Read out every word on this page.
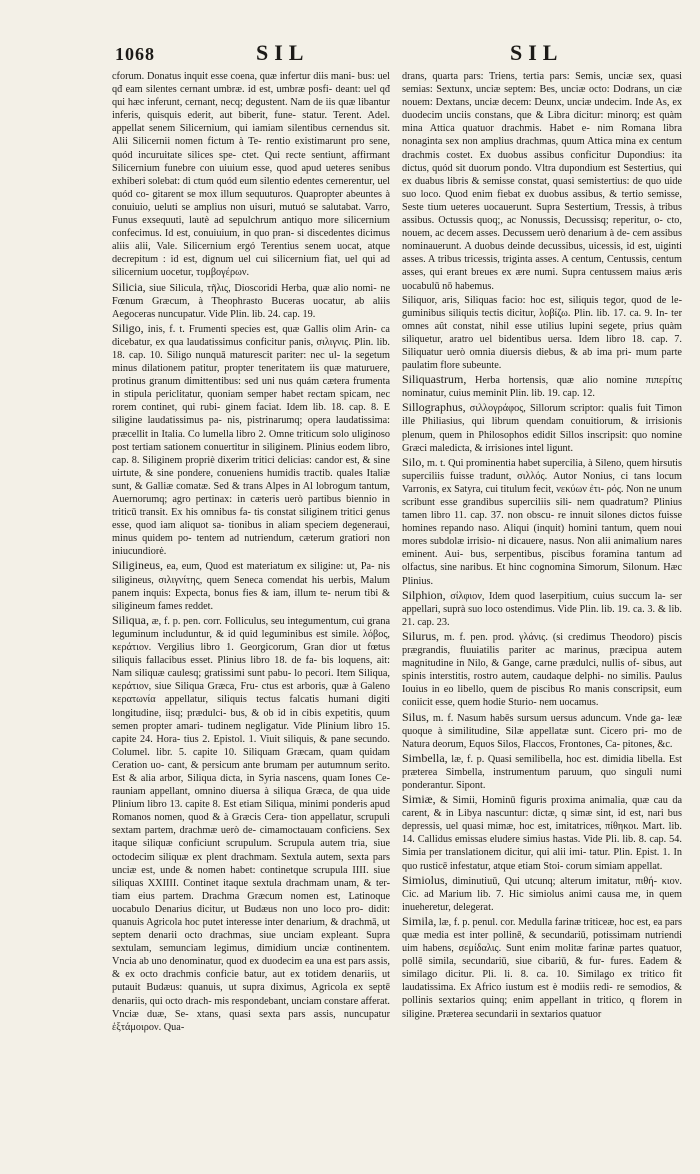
1068	SIL	SIL

cforum. Donatus inquit esse coena, quæ infertur diis mani- bus: uel qđ eam silentes cernant umbræ. id est, umbræ posfi- deant: uel qđ qui hæc inferunt, cernant, necq; degustent. Nam de iis quæ libantur inferis, quisquis ederit, aut biberit, fune- statur. Terent. Adel. appellat senem Silicernium, qui iamiam silentibus cernendus sit. Alii Silicernii nomen fictum à Te- rentio existimarunt pro sene, quód incuruitate silices spe- ctet. Qui recte sentiunt, affirmant Silicernium funebre con uiuium esse, quod apud ueteres senibus exhiberi solebat: di ctum quód eum silentio edentes cernerentur, uel quód co- gitarent se mox illum sequuturos. Quapropter abeuntes à conuiuio, ueluti se amplius non uisuri, mutuó se salutabat. Varro, Funus exsequuti, lautè ad sepulchrum antiquo more silicernium confecimus. Id est, conuiuium, in quo pran- si discedentes dicimus aliis alii, Vale. Silicernium ergó Terentius senem uocat, atque decrepitum : id est, dignum uel cui silicernium fiat, uel qui ad silicernium uocetur, τυμβογέρων.

Silicia, siue Silicula, τῆλις, Dioscoridi Herba, quæ alio nomi- ne Fœnum Græcum, à Theophrasto Buceras uocatur, ab aliis Aegoceras nuncupatur. Vide Plin. lib. 24. cap. 19.

Siligo, inis, f. t. Frumenti species est, quæ Gallis olim Arin- ca dicebatur, ex qua laudatissimus conficitur panis, σιλιγνις. Plin. lib. 18. cap. 10. Siligo nunquā maturescit pariter: nec ul- la segetum minus dilationem patitur, propter teneritatem iis quæ maturuere, protinus granum dimittentibus: sed uni nus quám cætera frumenta in stipula periclitatur, quoniam semper habet rectam spicam, nec rorem continet, qui rubi- ginem faciat. Idem lib. 18. cap. 8. E siligine laudatissimus pa- nis, pistrinarumq; opera laudatissima: præcellit in Italia. Co lumella libro 2. Omne triticum solo uliginoso post tertiam sationem conuertitur in siliginem. Plinius eodem libro, cap. 8. Siliginem propriè dixerim tritici delicias: candor est, & sine uirtute, & sine pondere, conueniens humidis tractib. quales Italiæ sunt, & Galliæ comatæ. Sed & trans Alpes in Al lobrogum tantum, Auernorumq; agro pertinax: in cæteris uerò partibus biennio in triticū transit. Ex his omnibus fa- tis constat siliginem tritici genus esse, quod iam aliquot sa- tionibus in aliam speciem degeneraui, minus quidem po- tentem ad nutriendum, cæterum gratiori non iniucundiorė.

Siligineus, ea, eum, Quod est materiatum ex siligine: ut, Pa- nis siligineus, σιλιγνίτης, quem Seneca comendat his uerbis, Malum panem inquis: Expecta, bonus fies & iam, illum te- nerum tibi & siligineum fames reddet.

Siliqua, æ, f. p. pen. corr. Folliculus, seu integumentum, cui grana leguminum includuntur, & id quid leguminibus est simile. λόβος, κεράτιον. Vergilius libro 1. Georgicorum, Gran dior ut fœtus siliquis fallacibus esset. Plinius libro 18. de fa- bis loquens, ait: Nam siliquæ caulesq; gratissimi sunt pabu- lo pecori. Item Siliqua, κεράτιον, siue Siliqua Græca, Fru- ctus est arboris, quæ à Galeno κερατωνία appellatur, siliquis tectus falcatis humani digiti longitudine, iisq; prædulci- bus, & ob id in cibis expetitis, quum semen propter amari- tudinem negligatur. Vide Plinium libro 15. capite 24. Hora- tius 2. Epistol. 1. Viuit siliquis, & pane secundo. Columel. libr. 5. capite 10. Siliquam Græcam, quam quidam Ceration uo- cant, & persicum ante brumam per autumnum serito. Est & alia arbor, Siliqua dicta, in Syria nascens, quam Iones Ce- rauniam appellant, omnino diuersa à siliqua Græca, de qua uide Plinium libro 13. capite 8. Est etiam Siliqua, minimi ponderis apud Romanos nomen, quod & à Græcis Cera- tion appellatur, scrupuli sextam partem, drachmæ uerò de- cimamoctauam conficiens. Sex itaque siliquæ conficiunt scrupulum. Scrupula autem tria, siue octodecim siliquæ ex plent drachmam. Sextula autem, sexta pars unciæ est, unde & nomen habet: continetque scrupula IIII. siue siliquas XXIIII. Continet itaque sextula drachmam unam, & ter- tiam eius partem. Drachma Græcum nomen est, Latinoque uocabulo Denarius dicitur, ut Budæus non uno loco pro- didit: quanuis Agricola hoc putet interesse inter denarium, & drachmā, ut septem denarii octo drachmas, siue unciam expleant. Supra sextulam, semunciam legimus, dimidium unciæ continentem. Vncia ab uno denominatur, quod ex duodecim ea una est pars assis, & ex octo drachmis conficie batur, aut ex totidem denariis, ut putauit Budæus: quanuis, ut supra diximus, Agricola ex septē denariis, qui octo drach- mis respondebant, unciam constare afferat. Vnciæ duæ, Se- xtans, quasi sexta pars assis, nuncupatur ἑξτάμοιρον. Qua-

drans, quarta pars: Triens, tertia pars: Semis, unciæ sex, quasi semias: Sextunx, unciæ septem: Bes, unciæ octo: Dodrans, un ciæ nouem: Dextans, unciæ decem: Deunx, unciæ undecim. Inde As, ex duodecim unciis constans, que & Libra dicitur: minorq; est quàm mina Attica quatuor drachmis. Habet e- nim Romana libra nonaginta sex non amplius drachmas, quum Attica mina ex centum drachmis costet. Ex duobus assibus conficitur Dupondius: ita dictus, quód sit duorum pondo. Vltra dupondium est Sestertius, qui ex duabus libris & semisse constat, quasi semistertius: de quo uide suo loco. Quod enim fiebat ex duobus assibus, & tertio semisse, Seste tium ueteres uocauerunt. Supra Sestertium, Tressis, à tribus assibus. Octussis quoq;, ac Nonussis, Decussisq; reperitur, o- cto, nouem, ac decem asses. Decussem uerò denarium à de- cem assibus nominauerunt. A duobus deinde decussibus, uicessis, id est, uiginti asses. A tribus tricessis, triginta asses. A centum, Centussis, centum asses, qui erant breues ex ære numi. Supra centussem maius æris uocabulū nō habemus.

Siliquor, aris, Siliquas facio: hoc est, siliquis tegor, quod de le- guminibus siliquis tectis dicitur, λοβίζω. Plin. lib. 17. ca. 9. In- ter omnes aût constat, nihil esse utilius lupini segete, prius quàm siliquetur, aratro uel bidentibus uersa. Idem libro 18. cap. 7. Siliquatur uerò omnia diuersis diebus, & ab ima pri- mum parte paulatim flore subeunte.

Siliquastrum, Herba hortensis, quæ alio nomine πιπερίτις nominatur, cuius meminit Plin. lib. 19. cap. 12.

Sillographus, σιλλογράφος, Sillorum scriptor: qualis fuit Timon ille Philiasius, qui librum quendam conuitiorum, & irrisionis plenum, quem in Philosophos edidit Sillos inscripsit: quo nomine Græci maledicta, & irrisiones intel ligunt.

Silo, m. t. Qui prominentia habet supercilia, à Sileno, quem hirsutis superciliis fuisse tradunt, σιλλός. Autor Nonius, ci tans locum Varronis, ex Satyra, cui titulum fecit, νεκύων ἐτι- ρός. Non ne unum scribunt esse grandibus superciliis sili- nem quadratum? Plinius tamen libro 11. cap. 37. non obscu- re innuit silones dictos fuisse homines repando naso. Aliqui (inquit) homini tantum, quem noui mores subdolæ irrisio- ni dicauere, nasus. Non alii animalium nares eminent. Aui- bus, serpentibus, piscibus foramina tantum ad olfactus, sine naribus. Et hinc cognomina Simorum, Silonum. Hæc Plinius.

Silphion, σίλφιον, Idem quod laserpitium, cuius succum la- ser appellari, suprà suo loco ostendimus. Vide Plin. lib. 19. ca. 3. & lib. 21. cap. 23.

Silurus, m. f. pen. prod. γλάνις. (si credimus Theodoro) piscis prægrandis, fluuiatilis pariter ac marinus, præcipua autem magnitudine in Nilo, & Gange, carne prædulci, nullis of- sibus, aut spinis interstitis, rostro autem, caudaque delphi- no similis. Paulus Iouius in eo libello, quem de piscibus Ro manis conscripsit, eum coniicit esse, quem hodie Sturio- nem uocamus.

Silus, m. f. Nasum habēs sursum uersus aduncum. Vnde ga- leæ quoque à similitudine, Silæ appellatæ sunt. Cicero pri- mo de Natura deorum, Equos Silos, Flaccos, Frontones, Ca- pitones, &c.

Simbella, læ, f. p. Quasi semilibella, hoc est. dimidia libella. Est præterea Simbella, instrumentum paruum, quo singuli numi ponderantur. Sipont.

Simiæ, & Simii, Hominū figuris proxima animalia, quæ cau da carent, & in Libya nascuntur: dictæ, q simæ sint, id est, nari bus depressis, uel quasi mimæ, hoc est, imitatrices, πίθηκοι. Mart. lib. 14. Callidus emissas eludere simius hastas. Vide Pli. lib. 8. cap. 54. Simia per translationem dicitur, qui alii imi- tatur. Plin. Epist. 1. In quo rusticē infestatur, atque etiam Stoi- corum simiam appellat.

Simiolus, diminutiuū, Qui utcunq; alterum imitatur, πιθή- κιον. Cic. ad Marium lib. 7. Hic simiolus animi causa me, in quem inueheretur, delegerat.

Simila, læ, f. p. penul. cor. Medulla farinæ triticeæ, hoc est, ea pars quæ media est inter pollinē, & secundariū, potissimam nutriendi uim habens, σεμίδαλις. Sunt enim molitæ farinæ partes quatuor, pollē simila, secundariū, siue cibariū, & fur- fures. Eadem & similago dicitur. Pli. li. 8. ca. 10. Similago ex tritico fit laudatissima. Ex Africo iustum est è modiis redi- re semodios, & pollinis sextarios quinq; enim appellant in tritico, q florem in siligine. Præterea secundarii in sextarios quatuor
